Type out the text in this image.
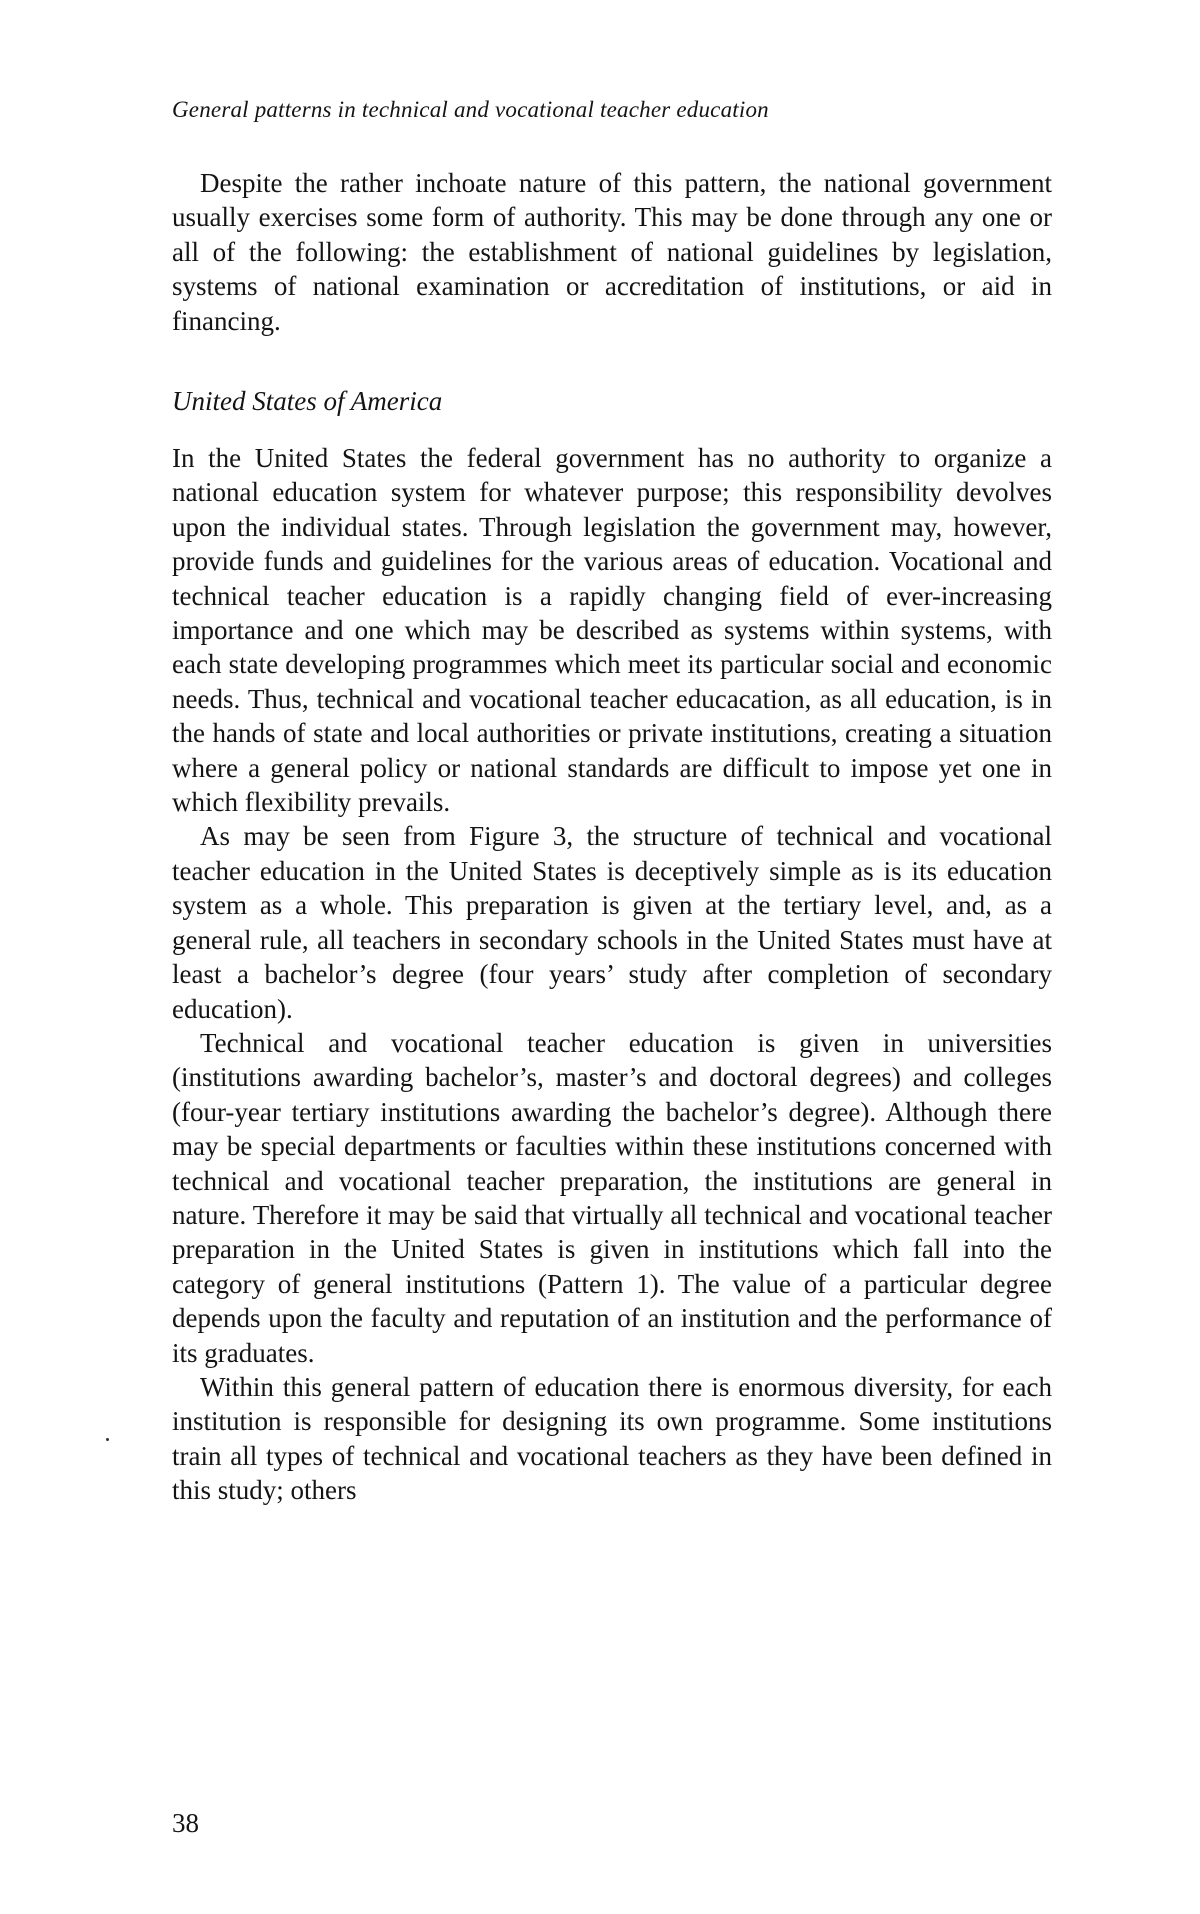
General patterns in technical and vocational teacher education

Despite the rather inchoate nature of this pattern, the national government usually exercises some form of authority. This may be done through any one or all of the following: the establishment of national guidelines by legislation, systems of national examination or accreditation of institutions, or aid in financing.

United States of America

In the United States the federal government has no authority to organize a national education system for whatever purpose; this responsibility devolves upon the individual states. Through legislation the government may, however, provide funds and guidelines for the various areas of education. Vocational and technical teacher education is a rapidly changing field of ever-increasing importance and one which may be described as systems within systems, with each state developing programmes which meet its particular social and economic needs. Thus, technical and vocational teacher educacation, as all education, is in the hands of state and local authorities or private institutions, creating a situation where a general policy or national standards are difficult to impose yet one in which flexibility prevails.

As may be seen from Figure 3, the structure of technical and vocational teacher education in the United States is deceptively simple as is its education system as a whole. This preparation is given at the tertiary level, and, as a general rule, all teachers in secondary schools in the United States must have at least a bachelor’s degree (four years’ study after completion of secondary education).

Technical and vocational teacher education is given in universities (institutions awarding bachelor’s, master’s and doctoral degrees) and colleges (four-year tertiary institutions awarding the bachelor’s degree). Although there may be special departments or faculties within these institutions concerned with technical and vocational teacher preparation, the institutions are general in nature. Therefore it may be said that virtually all technical and vocational teacher preparation in the United States is given in institutions which fall into the category of general institutions (Pattern 1). The value of a particular degree depends upon the faculty and reputation of an institution and the performance of its graduates.

Within this general pattern of education there is enormous diversity, for each institution is responsible for designing its own programme. Some institutions train all types of technical and vocational teachers as they have been defined in this study; others

38
